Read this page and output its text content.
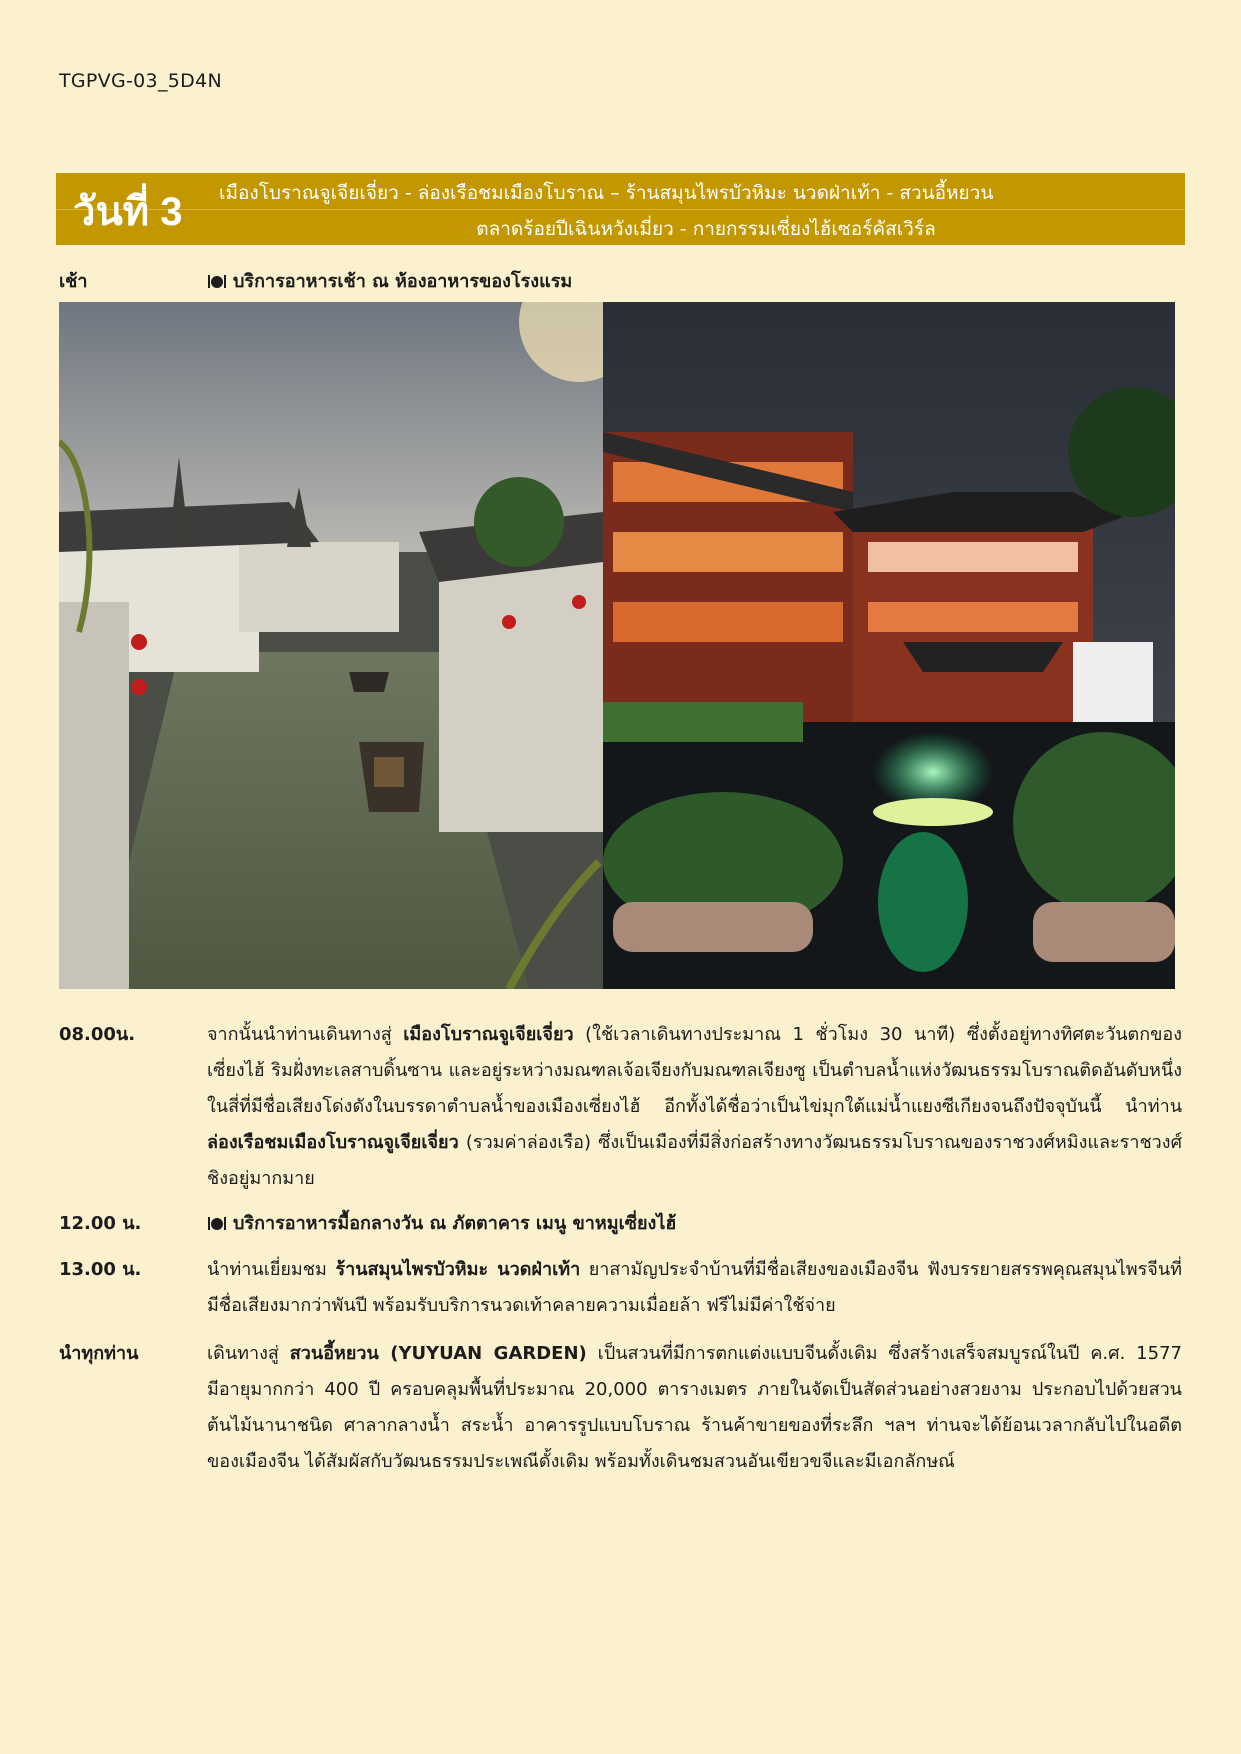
TGPVG-03_5D4N
วันที่ 3 เมืองโบราณจูเจียเจี่ยว - ล่องเรือชมเมืองโบราณ – ร้านสมุนไพรบัวหิมะ นวดฝ่าเท้า - สวนอี้หยวน
ตลาดร้อยปีเฉินหวังเมี่ยว - กายกรรมเซี่ยงไฮ้เซอร์คัสเวิร์ล
เช้า	บริการอาหารเช้า ณ ห้องอาหารของโรงแรม
08.00น.	จากนั้นนำท่านเดินทางสู่ เมืองโบราณจูเจียเจี่ยว (ใช้เวลาเดินทางประมาณ 1 ชั่วโมง 30 นาที) ซึ่งตั้งอยู่ทางทิศตะวันตกของเซี่ยงไฮ้ ริมฝั่งทะเลสาบดิ้นซาน และอยู่ระหว่างมณฑลเจ้อเจียงกับมณฑลเจียงซู เป็นตำบลน้ำแห่งวัฒนธรรมโบราณติดอันดับหนึ่งในสี่ที่มีชื่อเสียงโด่งดังในบรรดาตำบลน้ำของเมืองเซี่ยงไฮ้ อีกทั้งได้ชื่อว่าเป็นไข่มุกใต้แม่น้ำแยงซีเกียงจนถึงปัจจุบันนี้ นำท่าน ล่องเรือชมเมืองโบราณจูเจียเจี่ยว (รวมค่าล่องเรือ) ซึ่งเป็นเมืองที่มีสิ่งก่อสร้างทางวัฒนธรรมโบราณของราชวงศ์หมิงและราชวงศ์ชิงอยู่มากมาย
12.00 น.	บริการอาหารมื้อกลางวัน ณ ภัตตาคาร เมนู ขาหมูเซี่ยงไฮ้
13.00 น.	นำท่านเยี่ยมชม ร้านสมุนไพรบัวหิมะ นวดฝ่าเท้า ยาสามัญประจำบ้านที่มีชื่อเสียงของเมืองจีน ฟังบรรยายสรรพคุณสมุนไพรจีนที่มีชื่อเสียงมากว่าพันปี พร้อมรับบริการนวดเท้าคลายความเมื่อยล้า ฟรีไม่มีค่าใช้จ่าย
นำทุกท่าน	เดินทางสู่ สวนอี้หยวน (YUYUAN GARDEN) เป็นสวนที่มีการตกแต่งแบบจีนดั้งเดิม ซึ่งสร้างเสร็จสมบูรณ์ในปี ค.ศ. 1577 มีอายุมากกว่า 400 ปี ครอบคลุมพื้นที่ประมาณ 20,000 ตารางเมตร ภายในจัดเป็นสัดส่วนอย่างสวยงาม ประกอบไปด้วยสวนต้นไม้นานาชนิด ศาลากลางน้ำ สระน้ำ อาคารรูปแบบโบราณ ร้านค้าขายของที่ระลึก ฯลฯ ท่านจะได้ย้อนเวลากลับไปในอดีตของเมืองจีน ได้สัมผัสกับวัฒนธรรมประเพณีดั้งเดิม พร้อมทั้งเดินชมสวนอันเขียวขจีและมีเอกลักษณ์
